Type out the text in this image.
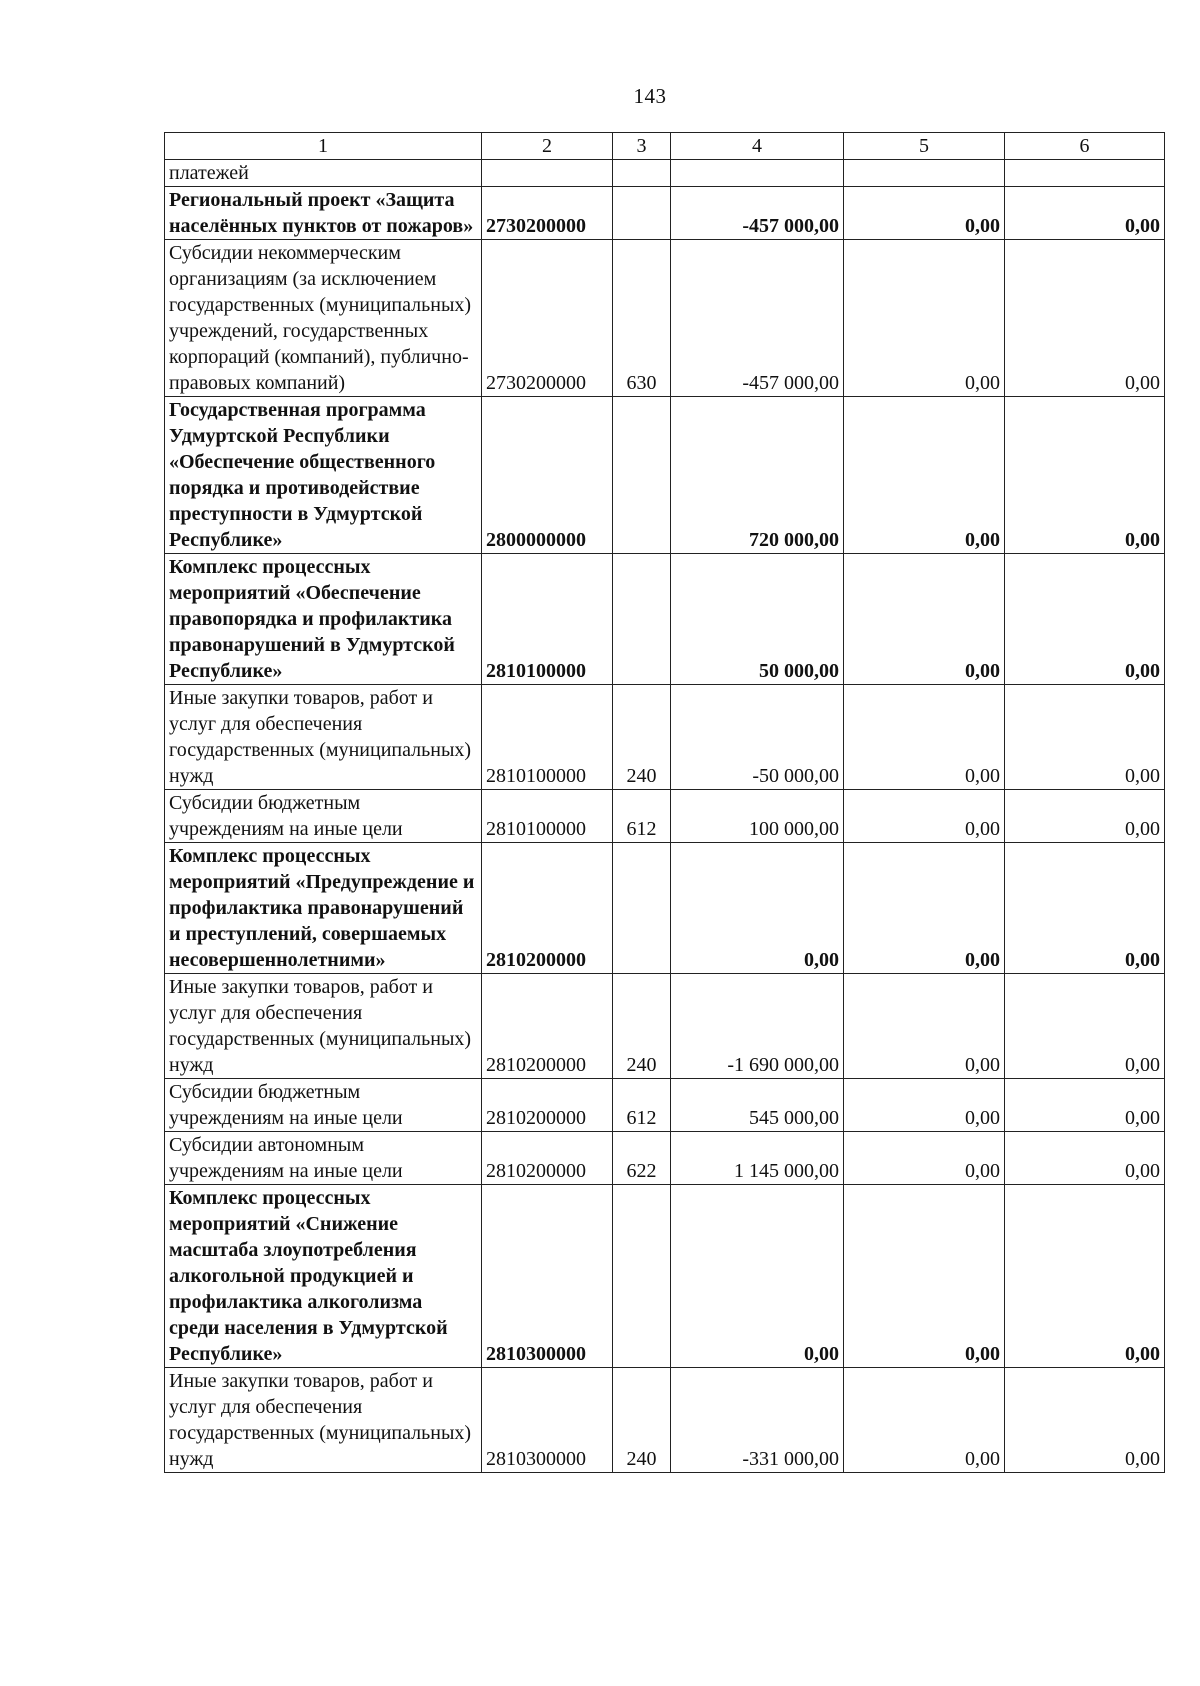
143
1	2	3	4	5	6
платежей					
Региональный проект «Защита населённых пунктов от пожаров»	2730200000		-457 000,00	0,00	0,00
Субсидии некоммерческим организациям (за исключением государственных (муниципальных) учреждений, государственных корпораций (компаний), публично-правовых компаний)	2730200000	630	-457 000,00	0,00	0,00
Государственная программа Удмуртской Республики «Обеспечение общественного порядка и противодействие преступности в Удмуртской Республике»	2800000000		720 000,00	0,00	0,00
Комплекс процессных мероприятий «Обеспечение правопорядка и профилактика правонарушений в Удмуртской Республике»	2810100000		50 000,00	0,00	0,00
Иные закупки товаров, работ и услуг для обеспечения государственных (муниципальных) нужд	2810100000	240	-50 000,00	0,00	0,00
Субсидии бюджетным учреждениям на иные цели	2810100000	612	100 000,00	0,00	0,00
Комплекс процессных мероприятий «Предупреждение и профилактика правонарушений и преступлений, совершаемых несовершеннолетними»	2810200000		0,00	0,00	0,00
Иные закупки товаров, работ и услуг для обеспечения государственных (муниципальных) нужд	2810200000	240	-1 690 000,00	0,00	0,00
Субсидии бюджетным учреждениям на иные цели	2810200000	612	545 000,00	0,00	0,00
Субсидии автономным учреждениям на иные цели	2810200000	622	1 145 000,00	0,00	0,00
Комплекс процессных мероприятий «Снижение масштаба злоупотребления алкогольной продукцией и профилактика алкоголизма среди населения в Удмуртской Республике»	2810300000		0,00	0,00	0,00
Иные закупки товаров, работ и услуг для обеспечения государственных (муниципальных) нужд	2810300000	240	-331 000,00	0,00	0,00
